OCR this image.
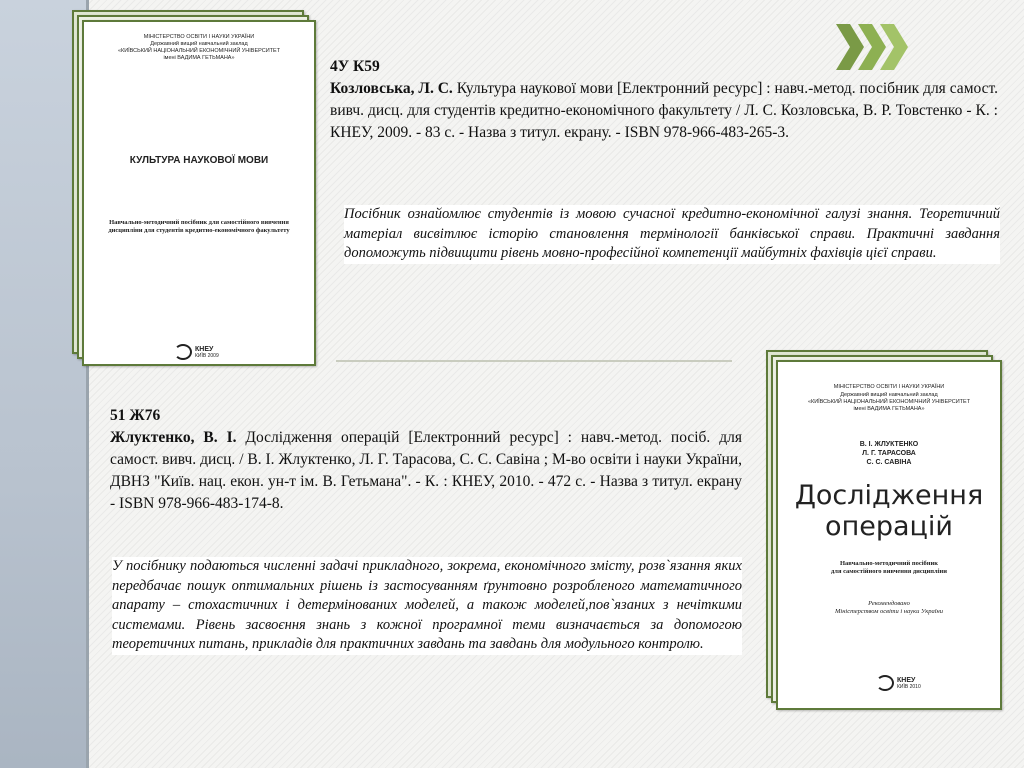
МІНІСТЕРСТВО ОСВІТИ І НАУКИ УКРАЇНИ
Державний вищий навчальний заклад
«КИЇВСЬКИЙ НАЦІОНАЛЬНИЙ ЕКОНОМІЧНИЙ УНІВЕРСИТЕТ
імені ВАДИМА ГЕТЬМАНА»
КУЛЬТУРА НАУКОВОЇ МОВИ
Навчально-методичний посібник для самостійного вивчення дисципліни для студентів кредитно-економічного факультету
КНЕУ
КИЇВ 2009
4У К59
Козловська, Л. С. Культура наукової мови [Електронний ресурс] : навч.-метод. посібник для самост. вивч. дисц. для студентів кредитно-економічного факультету / Л. С. Козловська, В. Р. Товстенко - К. : КНЕУ, 2009. - 83 с. - Назва з титул. екрану. - ISBN 978-966-483-265-3.
Посібник ознайомлює студентів із мовою сучасної кредитно-економічної галузі знання. Теоретичний матеріал висвітлює історію становлення термінології банківської справи. Практичні завдання допоможуть підвищити рівень мовно-професійної компетенції майбутніх фахівців цієї справи.
МІНІСТЕРСТВО ОСВІТИ І НАУКИ УКРАЇНИ
Державний вищий навчальний заклад
«КИЇВСЬКИЙ НАЦІОНАЛЬНИЙ ЕКОНОМІЧНИЙ УНІВЕРСИТЕТ
імені ВАДИМА ГЕТЬМАНА»
В. І. ЖЛУКТЕНКО
Л. Г. ТАРАСОВА
С. С. САВІНА
Дослідження
операцій
Навчально-методичний посібник
для самостійного вивчення дисципліни
Рекомендовано
Міністерством освіти і науки України
КНЕУ
КИЇВ 2010
51 Ж76
Жлуктенко, В. І. Дослідження операцій [Електронний ресурс] : навч.-метод. посіб. для самост. вивч. дисц. / В. І. Жлуктенко, Л. Г. Тарасова, С. С. Савіна ; М-во освіти і науки України, ДВНЗ "Київ. нац. екон. ун-т ім. В. Гетьмана". - К. : КНЕУ, 2010. - 472 с. - Назва з титул. екрану - ISBN 978-966-483-174-8.
У посібнику подаються численні задачі прикладного, зокрема, економічного змісту, розв`язання яких передбачає пошук оптимальних рішень із застосуванням ґрунтовно розробленого математичного апарату – стохастичних і детермінованих моделей, а також моделей,пов`язаних з нечіткими системами. Рівень засвоєння знань з кожної програмної теми визначається за допомогою теоретичних питань, прикладів для практичних завдань та завдань для модульного контролю.
